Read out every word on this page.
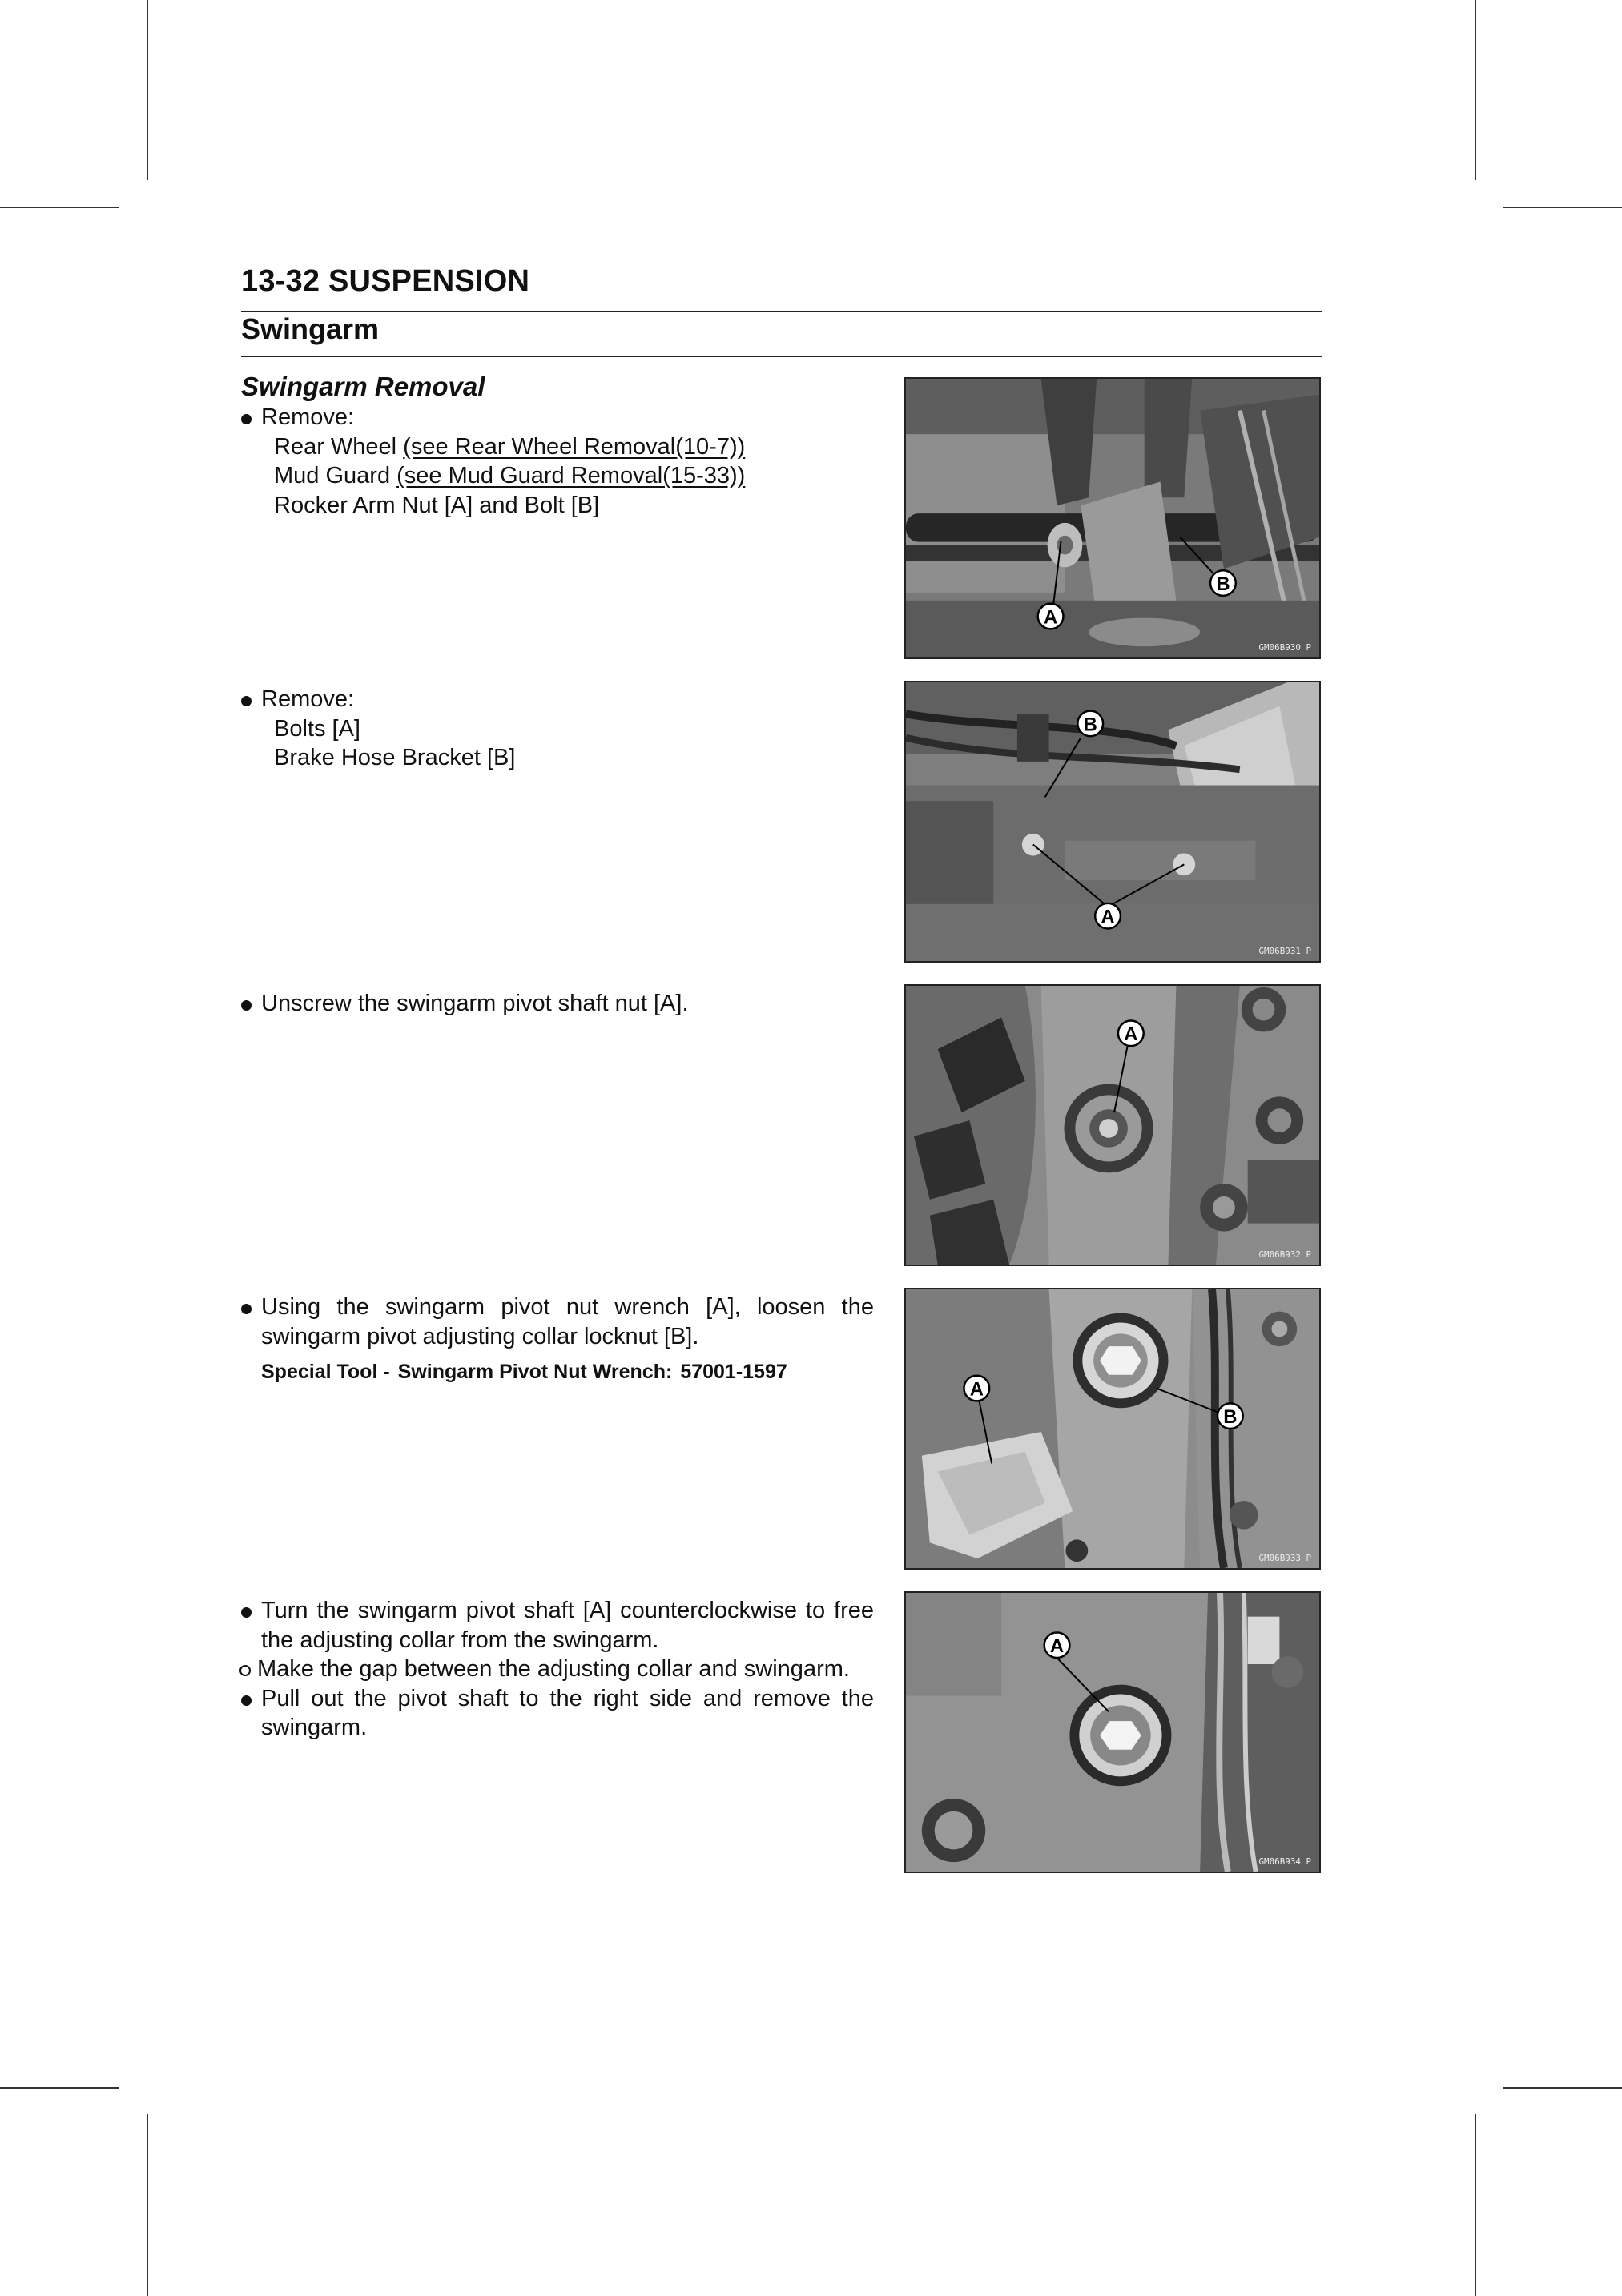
13-32 SUSPENSION
Swingarm
Swingarm Removal
Remove:
Rear Wheel (see Rear Wheel Removal(10-7))
Mud Guard (see Mud Guard Removal(15-33))
Rocker Arm Nut [A] and Bolt [B]
Remove:
Bolts [A]
Brake Hose Bracket [B]
Unscrew the swingarm pivot shaft nut [A].
Using the swingarm pivot nut wrench [A], loosen the
swingarm pivot adjusting collar locknut [B].
Special Tool - Swingarm Pivot Nut Wrench: 57001-1597
Turn the swingarm pivot shaft [A] counterclockwise to free
the adjusting collar from the swingarm.
Make the gap between the adjusting collar and swingarm.
Pull out the pivot shaft to the right side and remove the
swingarm.
A
B
GM06B930 P
B
A
GM06B931 P
A
GM06B932 P
A
B
GM06B933 P
A
GM06B934 P
